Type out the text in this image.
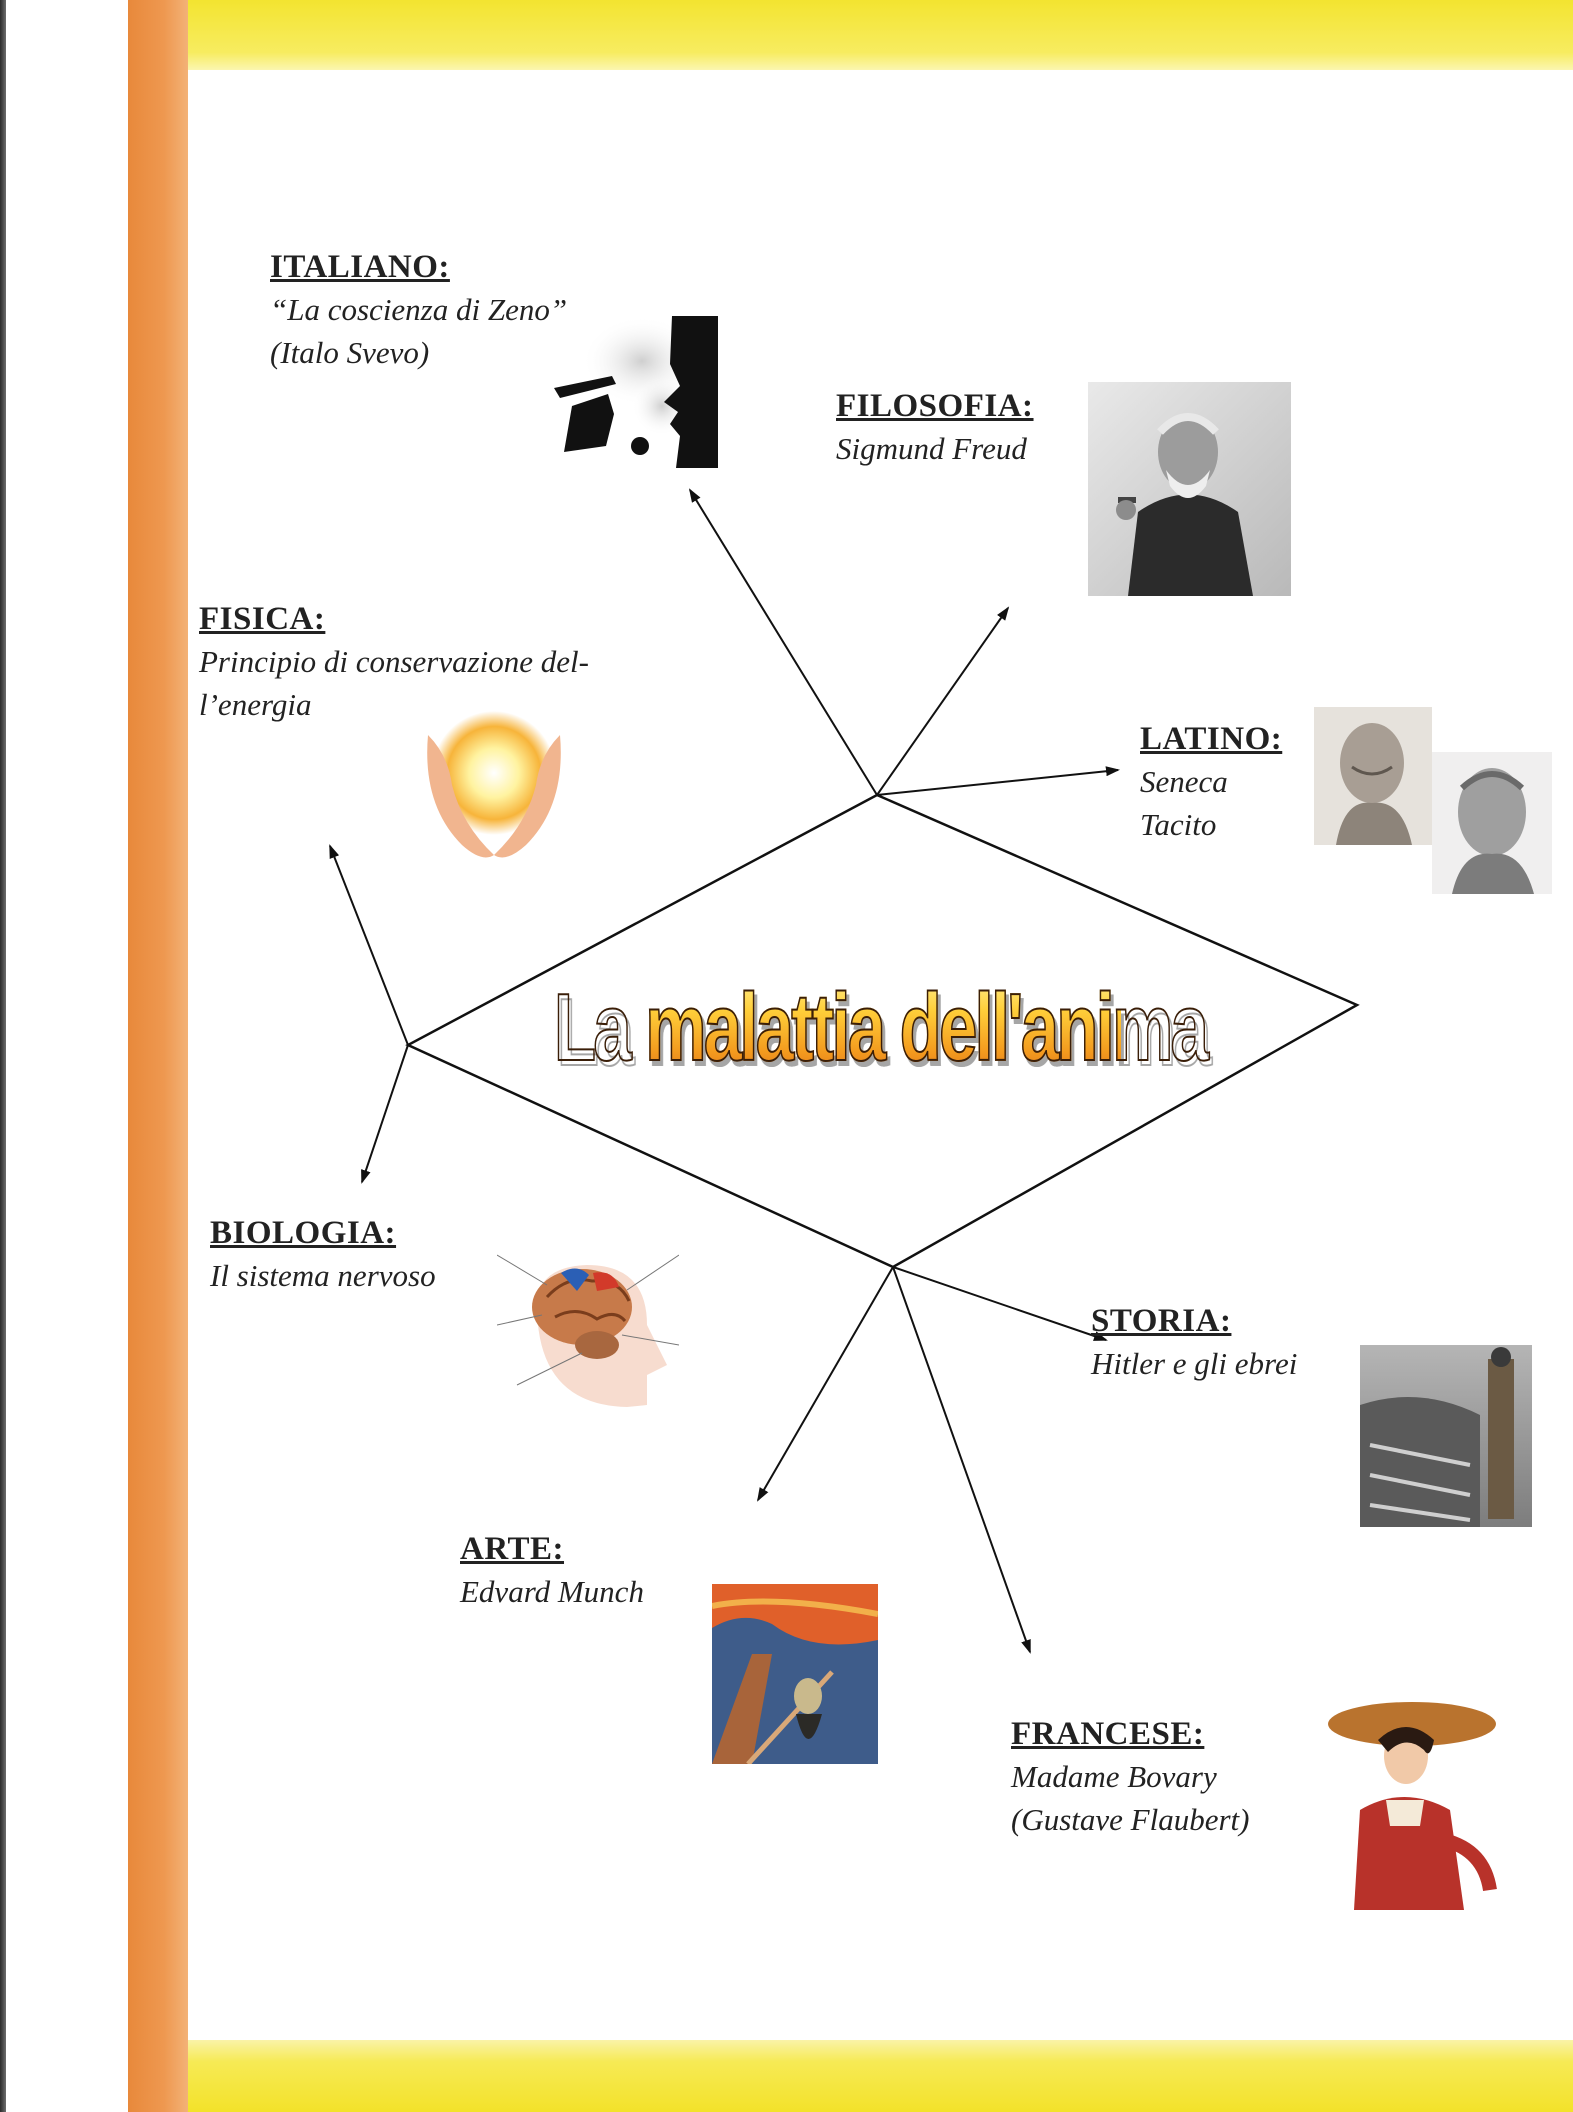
La malattia dell'anima
ITALIANO:
“La coscienza di Zeno”
(Italo Svevo)
FILOSOFIA:
Sigmund Freud
FISICA:
Principio di conservazione del-
l’energia
LATINO:
Seneca
Tacito
BIOLOGIA:
Il sistema nervoso
STORIA:
Hitler e gli ebrei
ARTE:
Edvard Munch
FRANCESE:
Madame Bovary
(Gustave Flaubert)
